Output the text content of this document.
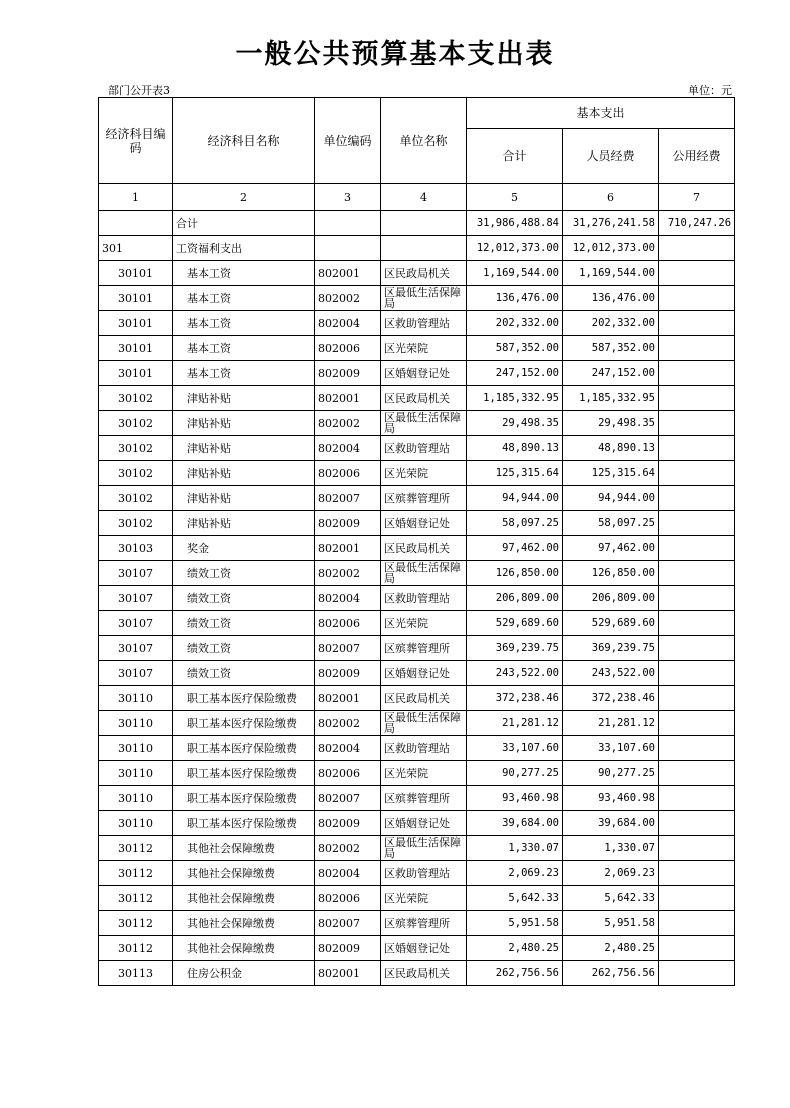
一般公共预算基本支出表
部门公开表3	单位：元
经济科目编码	经济科目名称	单位编码	单位名称	基本支出		
				合计	人员经费	公用经费
1	2	3	4	5	6	7
	合计			31,986,488.84	31,276,241.58	710,247.26
301	工资福利支出			12,012,373.00	12,012,373.00	
30101	基本工资	802001	区民政局机关	1,169,544.00	1,169,544.00	
30101	基本工资	802002	区最低生活保障局	136,476.00	136,476.00	
30101	基本工资	802004	区救助管理站	202,332.00	202,332.00	
30101	基本工资	802006	区光荣院	587,352.00	587,352.00	
30101	基本工资	802009	区婚姻登记处	247,152.00	247,152.00	
30102	津贴补贴	802001	区民政局机关	1,185,332.95	1,185,332.95	
30102	津贴补贴	802002	区最低生活保障局	29,498.35	29,498.35	
30102	津贴补贴	802004	区救助管理站	48,890.13	48,890.13	
30102	津贴补贴	802006	区光荣院	125,315.64	125,315.64	
30102	津贴补贴	802007	区殡葬管理所	94,944.00	94,944.00	
30102	津贴补贴	802009	区婚姻登记处	58,097.25	58,097.25	
30103	奖金	802001	区民政局机关	97,462.00	97,462.00	
30107	绩效工资	802002	区最低生活保障局	126,850.00	126,850.00	
30107	绩效工资	802004	区救助管理站	206,809.00	206,809.00	
30107	绩效工资	802006	区光荣院	529,689.60	529,689.60	
30107	绩效工资	802007	区殡葬管理所	369,239.75	369,239.75	
30107	绩效工资	802009	区婚姻登记处	243,522.00	243,522.00	
30110	职工基本医疗保险缴费	802001	区民政局机关	372,238.46	372,238.46	
30110	职工基本医疗保险缴费	802002	区最低生活保障局	21,281.12	21,281.12	
30110	职工基本医疗保险缴费	802004	区救助管理站	33,107.60	33,107.60	
30110	职工基本医疗保险缴费	802006	区光荣院	90,277.25	90,277.25	
30110	职工基本医疗保险缴费	802007	区殡葬管理所	93,460.98	93,460.98	
30110	职工基本医疗保险缴费	802009	区婚姻登记处	39,684.00	39,684.00	
30112	其他社会保障缴费	802002	区最低生活保障局	1,330.07	1,330.07	
30112	其他社会保障缴费	802004	区救助管理站	2,069.23	2,069.23	
30112	其他社会保障缴费	802006	区光荣院	5,642.33	5,642.33	
30112	其他社会保障缴费	802007	区殡葬管理所	5,951.58	5,951.58	
30112	其他社会保障缴费	802009	区婚姻登记处	2,480.25	2,480.25	
30113	住房公积金	802001	区民政局机关	262,756.56	262,756.56	
